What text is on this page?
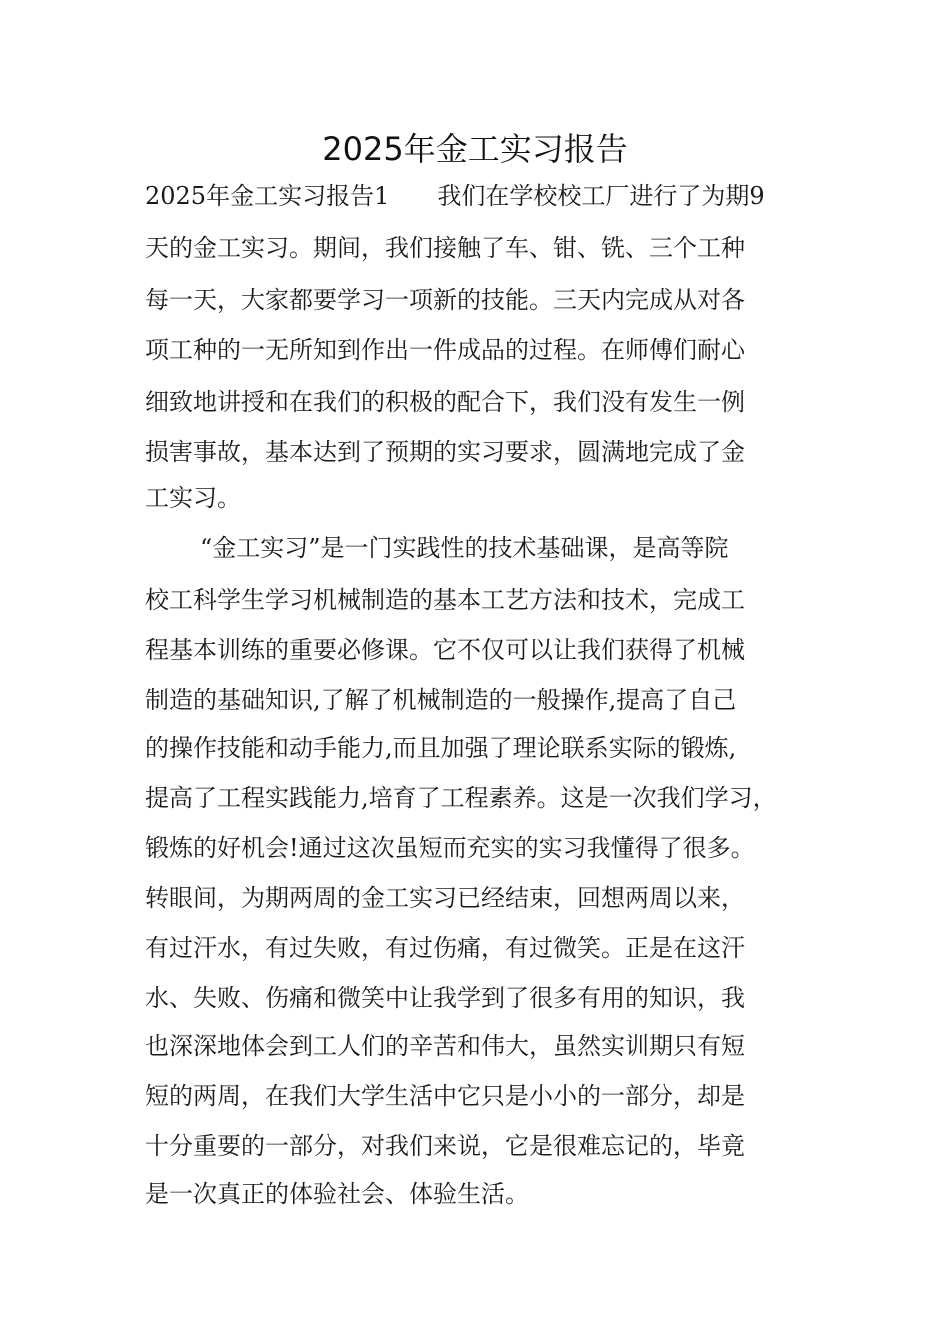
2025年金工实习报告
2025年金工实习报告1　　我们在学校校工厂进行了为期9
天的金工实习。期间，我们接触了车、钳、铣、三个工种
每一天，大家都要学习一项新的技能。三天内完成从对各
项工种的一无所知到作出一件成品的过程。在师傅们耐心
细致地讲授和在我们的积极的配合下，我们没有发生一例
损害事故，基本达到了预期的实习要求，圆满地完成了金
工实习。
“金工实习”是一门实践性的技术基础课，是高等院
校工科学生学习机械制造的基本工艺方法和技术，完成工
程基本训练的重要必修课。它不仅可以让我们获得了机械
制造的基础知识,了解了机械制造的一般操作,提高了自己
的操作技能和动手能力,而且加强了理论联系实际的锻炼,
提高了工程实践能力,培育了工程素养。这是一次我们学习，
锻炼的好机会!通过这次虽短而充实的实习我懂得了很多。
转眼间，为期两周的金工实习已经结束，回想两周以来，
有过汗水，有过失败，有过伤痛，有过微笑。正是在这汗
水、失败、伤痛和微笑中让我学到了很多有用的知识，我
也深深地体会到工人们的辛苦和伟大，虽然实训期只有短
短的两周，在我们大学生活中它只是小小的一部分，却是
十分重要的一部分，对我们来说，它是很难忘记的，毕竟
是一次真正的体验社会、体验生活。
